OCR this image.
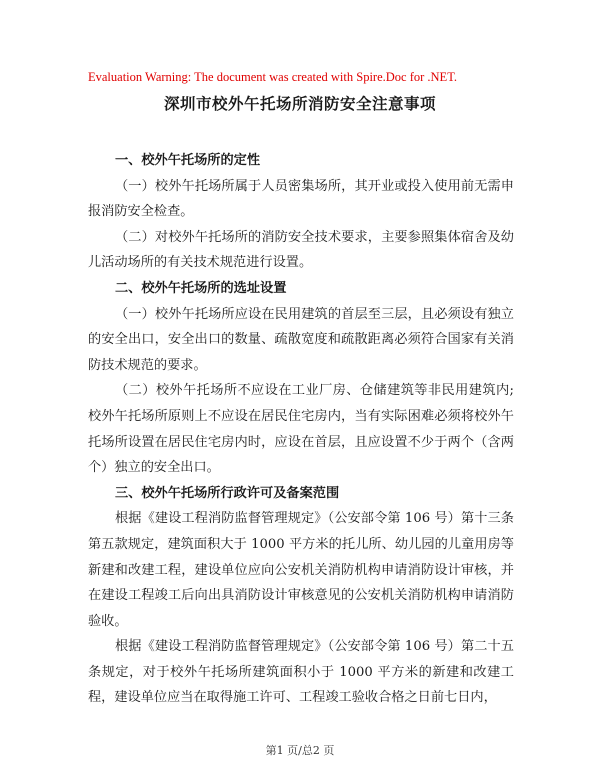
Evaluation Warning: The document was created with Spire.Doc for .NET.
深圳市校外午托场所消防安全注意事项

一、校外午托场所的定性

（一）校外午托场所属于人员密集场所，其开业或投入使用前无需申报消防安全检查。

（二）对校外午托场所的消防安全技术要求，主要参照集体宿舍及幼儿活动场所的有关技术规范进行设置。

二、校外午托场所的选址设置

（一）校外午托场所应设在民用建筑的首层至三层，且必须设有独立的安全出口，安全出口的数量、疏散宽度和疏散距离必须符合国家有关消防技术规范的要求。

（二）校外午托场所不应设在工业厂房、仓储建筑等非民用建筑内;校外午托场所原则上不应设在居民住宅房内，当有实际困难必须将校外午托场所设置在居民住宅房内时，应设在首层，且应设置不少于两个（含两个）独立的安全出口。

三、校外午托场所行政许可及备案范围

根据《建设工程消防监督管理规定》（公安部令第 106 号）第十三条第五款规定，建筑面积大于 1000 平方米的托儿所、幼儿园的儿童用房等新建和改建工程，建设单位应向公安机关消防机构申请消防设计审核，并在建设工程竣工后向出具消防设计审核意见的公安机关消防机构申请消防验收。

根据《建设工程消防监督管理规定》（公安部令第 106 号）第二十五条规定，对于校外午托场所建筑面积小于 1000 平方米的新建和改建工程，建设单位应当在取得施工许可、工程竣工验收合格之日前七日内，

第1 页/总2 页
